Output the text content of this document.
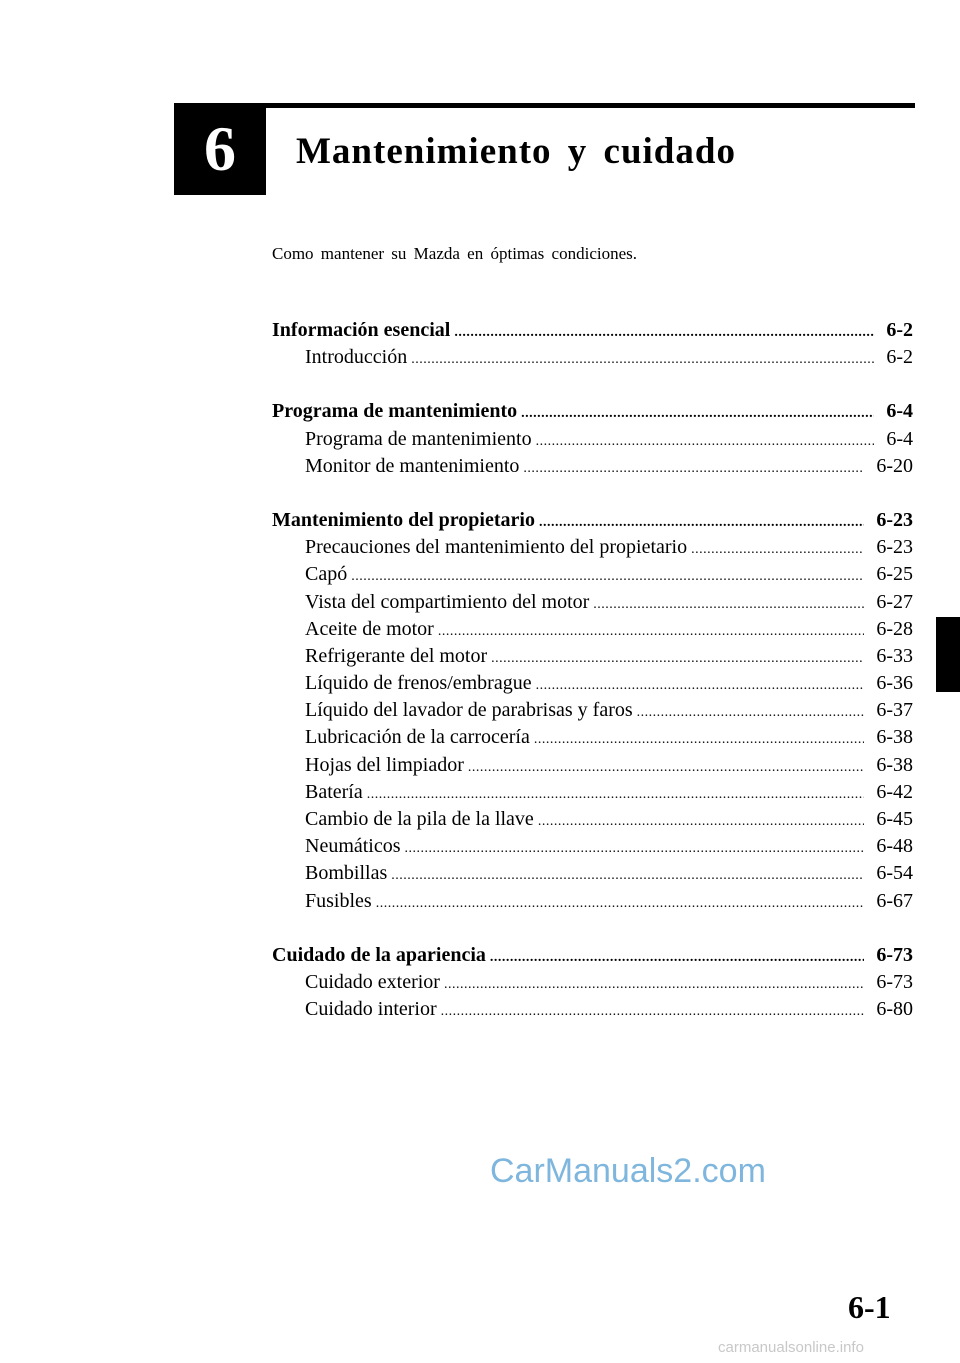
6 Mantenimiento y cuidado
Como mantener su Mazda en óptimas condiciones.
Información esencial .....	6-2
Introducción .....	6-2
Programa de mantenimiento .....	6-4
Programa de mantenimiento .....	6-4
Monitor de mantenimiento .....	6-20
Mantenimiento del propietario .....	6-23
Precauciones del mantenimiento del propietario .....	6-23
Capó .....	6-25
Vista del compartimiento del motor .....	6-27
Aceite de motor .....	6-28
Refrigerante del motor .....	6-33
Líquido de frenos/embrague .....	6-36
Líquido del lavador de parabrisas y faros .....	6-37
Lubricación de la carrocería .....	6-38
Hojas del limpiador .....	6-38
Batería .....	6-42
Cambio de la pila de la llave .....	6-45
Neumáticos .....	6-48
Bombillas .....	6-54
Fusibles .....	6-67
Cuidado de la apariencia .....	6-73
Cuidado exterior .....	6-73
Cuidado interior .....	6-80
CarManuals2.com
6-1
carmanualsonline.info
